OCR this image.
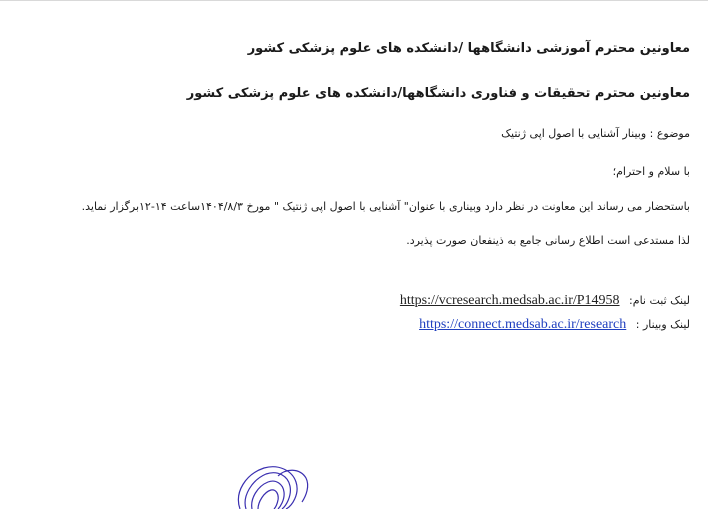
معاونین محترم آموزشی دانشگاهها /دانشکده های علوم پزشکی کشور
معاونین محترم تحقیقات و فناوری دانشگاهها/دانشکده های علوم پزشکی کشور
موضوع : وبینار آشنایی با اصول اپی ژنتیک
با سلام و احترام؛
باستحضار می رساند این معاونت در نظر دارد وبیناری با عنوان" آشنایی با اصول اپی ژنتیک " مورخ ۱۴۰۴/۸/۳ساعت ۱۴-۱۲برگزار نماید.
لذا مستدعی است اطلاع رسانی جامع به ذینفعان صورت پذیرد.
لینک ثبت نام: https://vcresearch.medsab.ac.ir/P14958
لینک وبینار : https://connect.medsab.ac.ir/research
